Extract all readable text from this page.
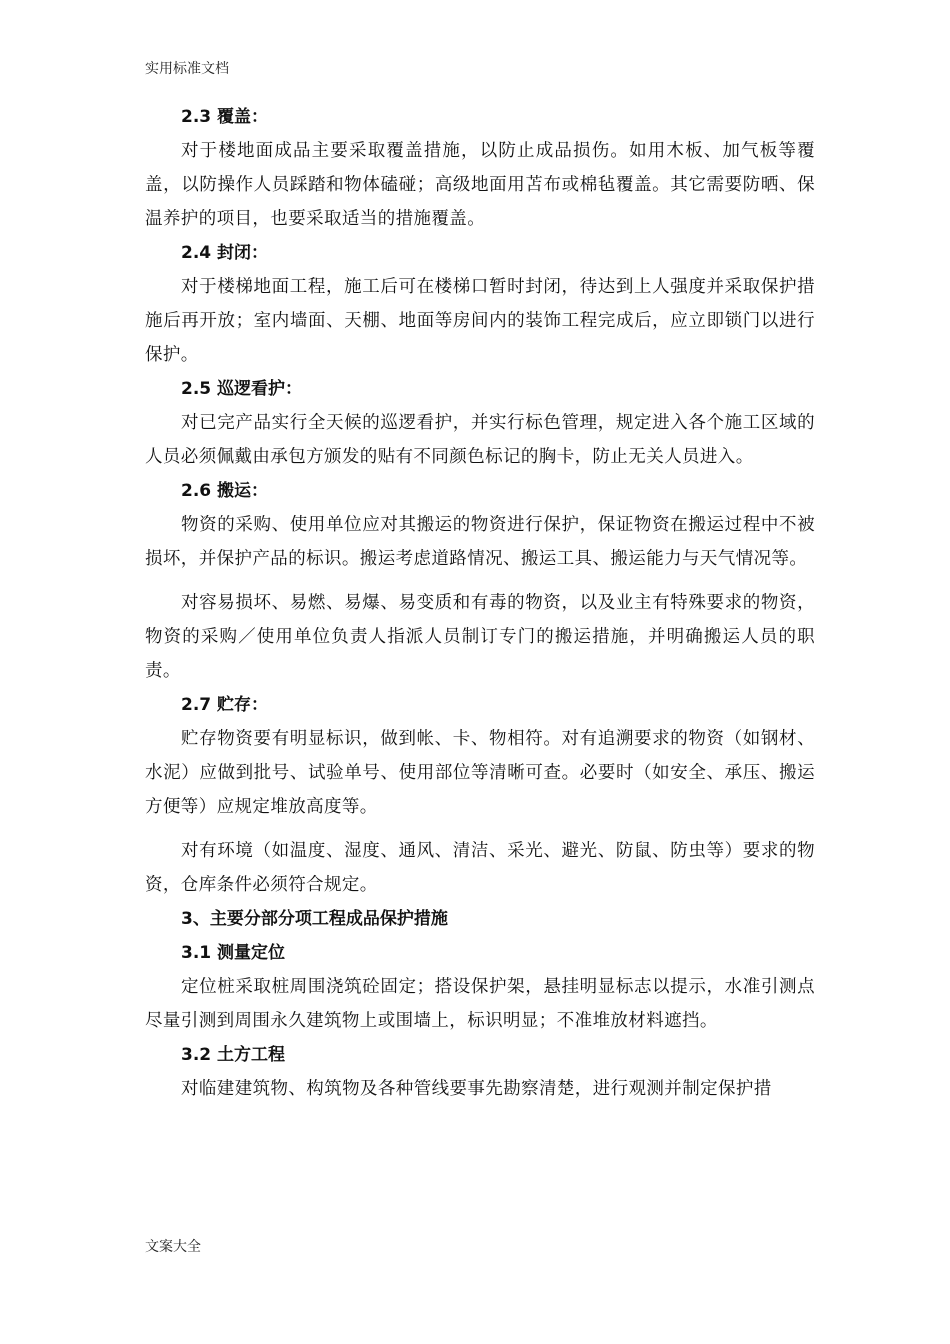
实用标准文档

2.3 覆盖：

对于楼地面成品主要采取覆盖措施，以防止成品损伤。如用木板、加气板等覆盖，以防操作人员踩踏和物体磕碰；高级地面用苫布或棉毡覆盖。其它需要防晒、保温养护的项目，也要采取适当的措施覆盖。

2.4 封闭：

对于楼梯地面工程，施工后可在楼梯口暂时封闭，待达到上人强度并采取保护措施后再开放；室内墙面、天棚、地面等房间内的装饰工程完成后，应立即锁门以进行保护。

2.5 巡逻看护：

对已完产品实行全天候的巡逻看护，并实行标色管理，规定进入各个施工区域的人员必须佩戴由承包方颁发的贴有不同颜色标记的胸卡，防止无关人员进入。

2.6 搬运：

物资的采购、使用单位应对其搬运的物资进行保护，保证物资在搬运过程中不被损坏，并保护产品的标识。搬运考虑道路情况、搬运工具、搬运能力与天气情况等。

对容易损坏、易燃、易爆、易变质和有毒的物资，以及业主有特殊要求的物资，物资的采购／使用单位负责人指派人员制订专门的搬运措施，并明确搬运人员的职责。

2.7 贮存：

贮存物资要有明显标识，做到帐、卡、物相符。对有追溯要求的物资（如钢材、水泥）应做到批号、试验单号、使用部位等清晰可查。必要时（如安全、承压、搬运方便等）应规定堆放高度等。

对有环境（如温度、湿度、通风、清洁、采光、避光、防鼠、防虫等）要求的物资，仓库条件必须符合规定。

3、主要分部分项工程成品保护措施

3.1 测量定位

定位桩采取桩周围浇筑砼固定；搭设保护架，悬挂明显标志以提示，水准引测点尽量引测到周围永久建筑物上或围墙上，标识明显；不准堆放材料遮挡。

3.2 土方工程

对临建建筑物、构筑物及各种管线要事先勘察清楚，进行观测并制定保护措

文案大全
